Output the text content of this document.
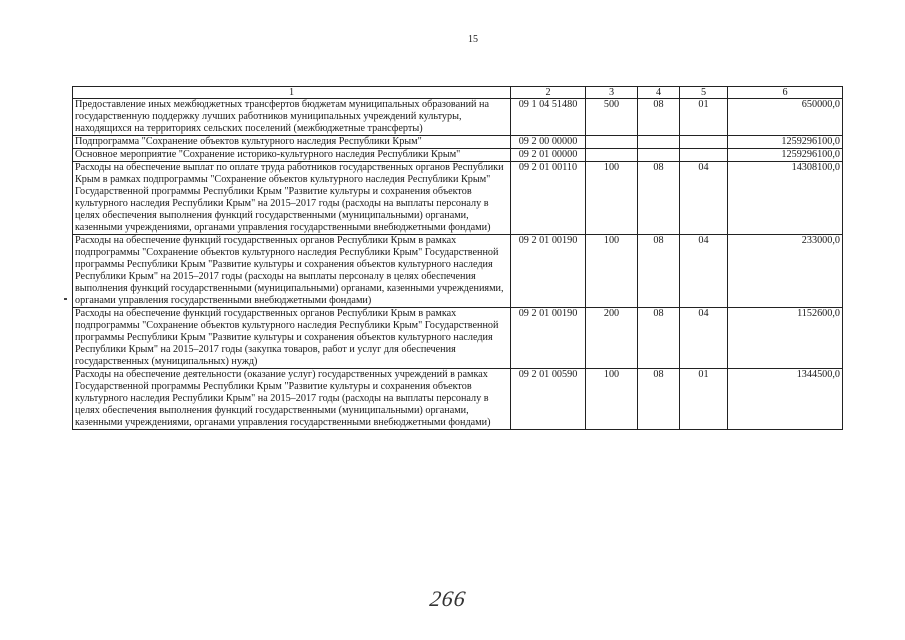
15
1	2	3	4	5	6
Предоставление иных межбюджетных трансфертов бюджетам муниципальных образований на государственную поддержку лучших работников муниципальных учреждений культуры, находящихся на территориях сельских поселений (межбюджетные трансферты)	09 1 04 51480	500	08	01	650000,0
Подпрограмма "Сохранение объектов культурного наследия Республики Крым"	09 2 00 00000				1259296100,0
Основное мероприятие "Сохранение историко-культурного наследия Республики Крым"	09 2 01 00000				1259296100,0
Расходы на обеспечение выплат по оплате труда работников государственных органов Республики Крым в рамках подпрограммы "Сохранение объектов культурного наследия Республики Крым" Государственной программы Республики Крым "Развитие культуры и сохранения объектов культурного наследия Республики Крым" на 2015–2017 годы (расходы на выплаты персоналу в целях обеспечения выполнения функций государственными (муниципальными) органами, казенными учреждениями, органами управления государственными внебюджетными фондами)	09 2 01 00110	100	08	04	14308100,0
Расходы на обеспечение функций государственных органов Республики Крым в рамках подпрограммы "Сохранение объектов культурного наследия Республики Крым" Государственной программы Республики Крым "Развитие культуры и сохранения объектов культурного наследия Республики Крым" на 2015–2017 годы (расходы на выплаты персоналу в целях обеспечения выполнения функций государственными (муниципальными) органами, казенными учреждениями, органами управления государственными внебюджетными фондами)	09 2 01 00190	100	08	04	233000,0
Расходы на обеспечение функций государственных органов Республики Крым в рамках подпрограммы "Сохранение объектов культурного наследия Республики Крым" Государственной программы Республики Крым "Развитие культуры и сохранения объектов культурного наследия Республики Крым" на 2015–2017 годы (закупка товаров, работ и услуг для обеспечения государственных (муниципальных) нужд)	09 2 01 00190	200	08	04	1152600,0
Расходы на обеспечение деятельности (оказание услуг) государственных учреждений в рамках Государственной программы Республики Крым "Развитие культуры и сохранения объектов культурного наследия Республики Крым" на 2015–2017 годы (расходы на выплаты персоналу в целях обеспечения выполнения функций государственными (муниципальными) органами, казенными учреждениями, органами управления государственными внебюджетными фондами)	09 2 01 00590	100	08	01	1344500,0
266
